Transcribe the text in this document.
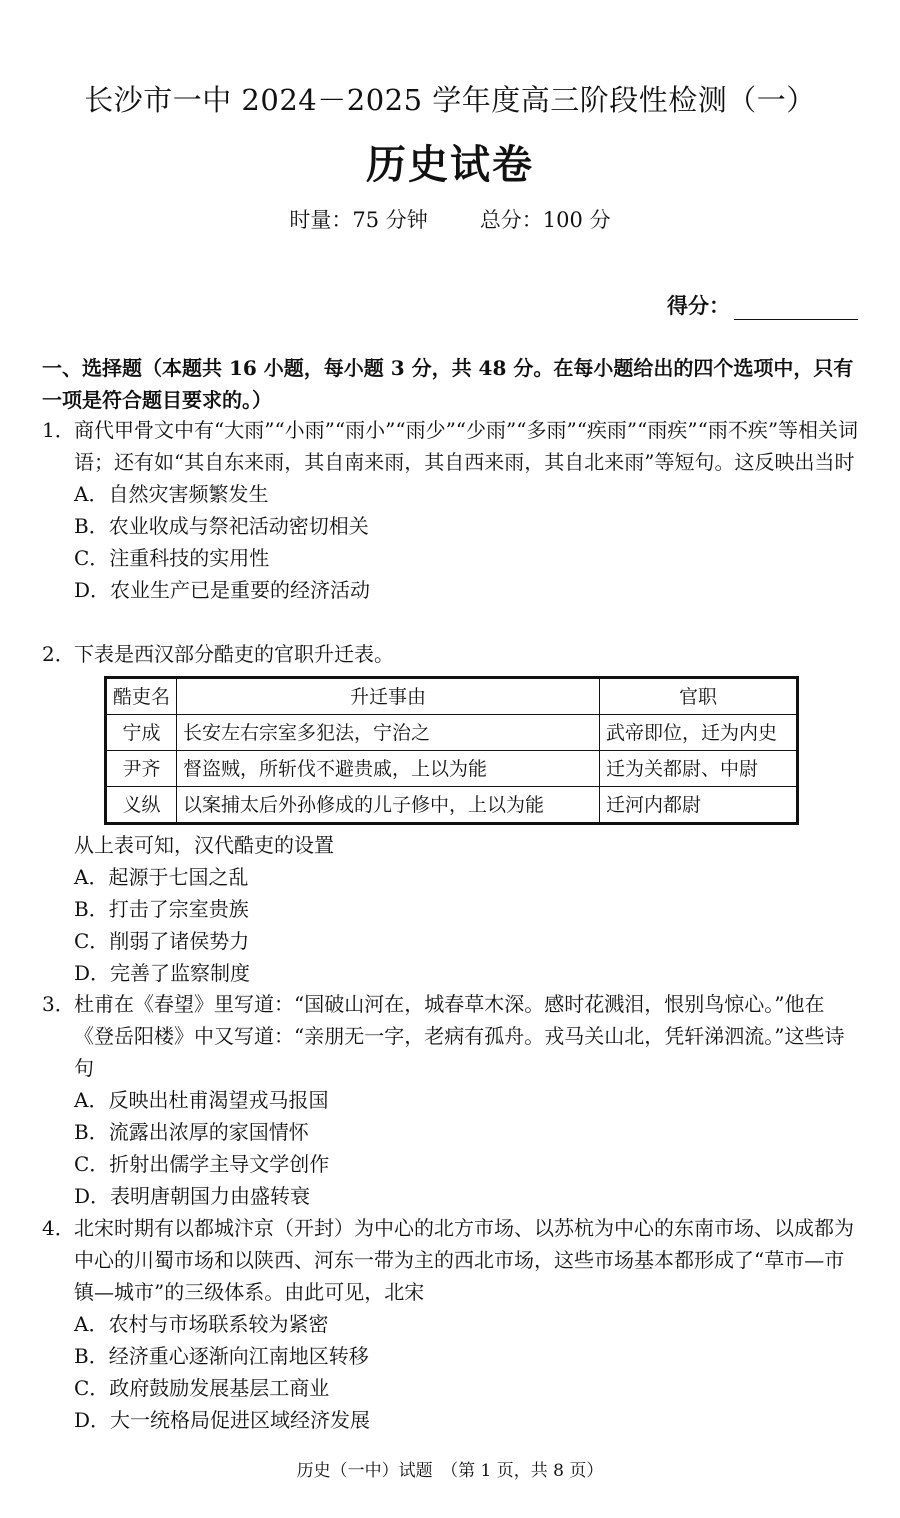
长沙市一中 2024－2025 学年度高三阶段性检测（一）
历史试卷
时量：75 分钟 总分：100 分
得分：
一、选择题（本题共 16 小题，每小题 3 分，共 48 分。在每小题给出的四个选项中，只有一项是符合题目要求的。）
1．商代甲骨文中有“大雨”“小雨”“雨小”“雨少”“少雨”“多雨”“疾雨”“雨疾”“雨不疾”等相关词语；还有如“其自东来雨，其自南来雨，其自西来雨，其自北来雨”等短句。这反映出当时
A．自然灾害频繁发生
B．农业收成与祭祀活动密切相关
C．注重科技的实用性
D．农业生产已是重要的经济活动
2．下表是西汉部分酷吏的官职升迁表。
酷吏名	升迁事由	官职
宁成	长安左右宗室多犯法，宁治之	武帝即位，迁为内史
尹齐	督盗贼，所斩伐不避贵戚，上以为能	迁为关都尉、中尉
义纵	以案捕太后外孙修成的儿子修中，上以为能	迁河内都尉
从上表可知，汉代酷吏的设置
A．起源于七国之乱
B．打击了宗室贵族
C．削弱了诸侯势力
D．完善了监察制度
3．杜甫在《春望》里写道：“国破山河在，城春草木深。感时花溅泪，恨别鸟惊心。”他在《登岳阳楼》中又写道：“亲朋无一字，老病有孤舟。戎马关山北，凭轩涕泗流。”这些诗句
A．反映出杜甫渴望戎马报国
B．流露出浓厚的家国情怀
C．折射出儒学主导文学创作
D．表明唐朝国力由盛转衰
4．北宋时期有以都城汴京（开封）为中心的北方市场、以苏杭为中心的东南市场、以成都为中心的川蜀市场和以陕西、河东一带为主的西北市场，这些市场基本都形成了“草市—市镇—城市”的三级体系。由此可见，北宋
A．农村与市场联系较为紧密
B．经济重心逐渐向江南地区转移
C．政府鼓励发展基层工商业
D．大一统格局促进区域经济发展
历史（一中）试题　（第 1 页，共 8 页）
